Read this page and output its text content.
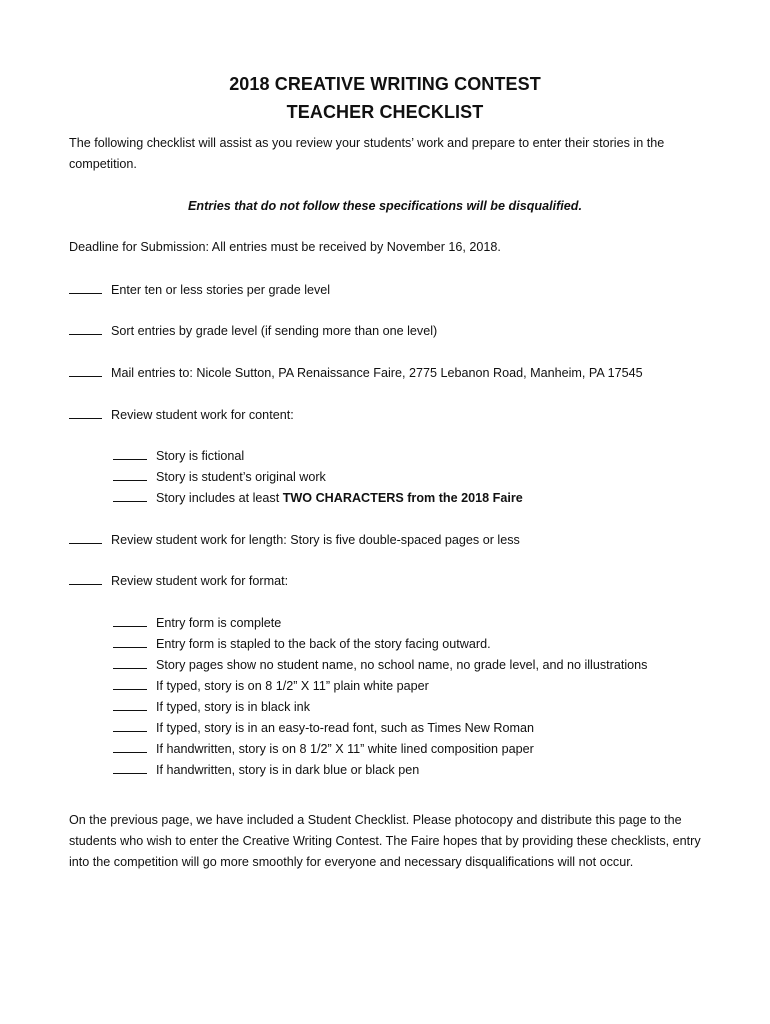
2018 CREATIVE WRITING CONTEST
TEACHER CHECKLIST
The following checklist will assist as you review your students’ work and prepare to enter their stories in the competition.
Entries that do not follow these specifications will be disqualified.
Deadline for Submission: All entries must be received by November 16, 2018.
Enter ten or less stories per grade level
Sort entries by grade level (if sending more than one level)
Mail entries to: Nicole Sutton, PA Renaissance Faire, 2775 Lebanon Road, Manheim, PA 17545
Review student work for content:
Story is fictional
Story is student’s original work
Story includes at least TWO CHARACTERS from the 2018 Faire
Review student work for length: Story is five double-spaced pages or less
Review student work for format:
Entry form is complete
Entry form is stapled to the back of the story facing outward.
Story pages show no student name, no school name, no grade level, and no illustrations
If typed, story is on 8 1/2” X 11” plain white paper
If typed, story is in black ink
If typed, story is in an easy-to-read font, such as Times New Roman
If handwritten, story is on 8 1/2” X 11” white lined composition paper
If handwritten, story is in dark blue or black pen
On the previous page, we have included a Student Checklist. Please photocopy and distribute this page to the students who wish to enter the Creative Writing Contest. The Faire hopes that by providing these checklists, entry into the competition will go more smoothly for everyone and necessary disqualifications will not occur.
